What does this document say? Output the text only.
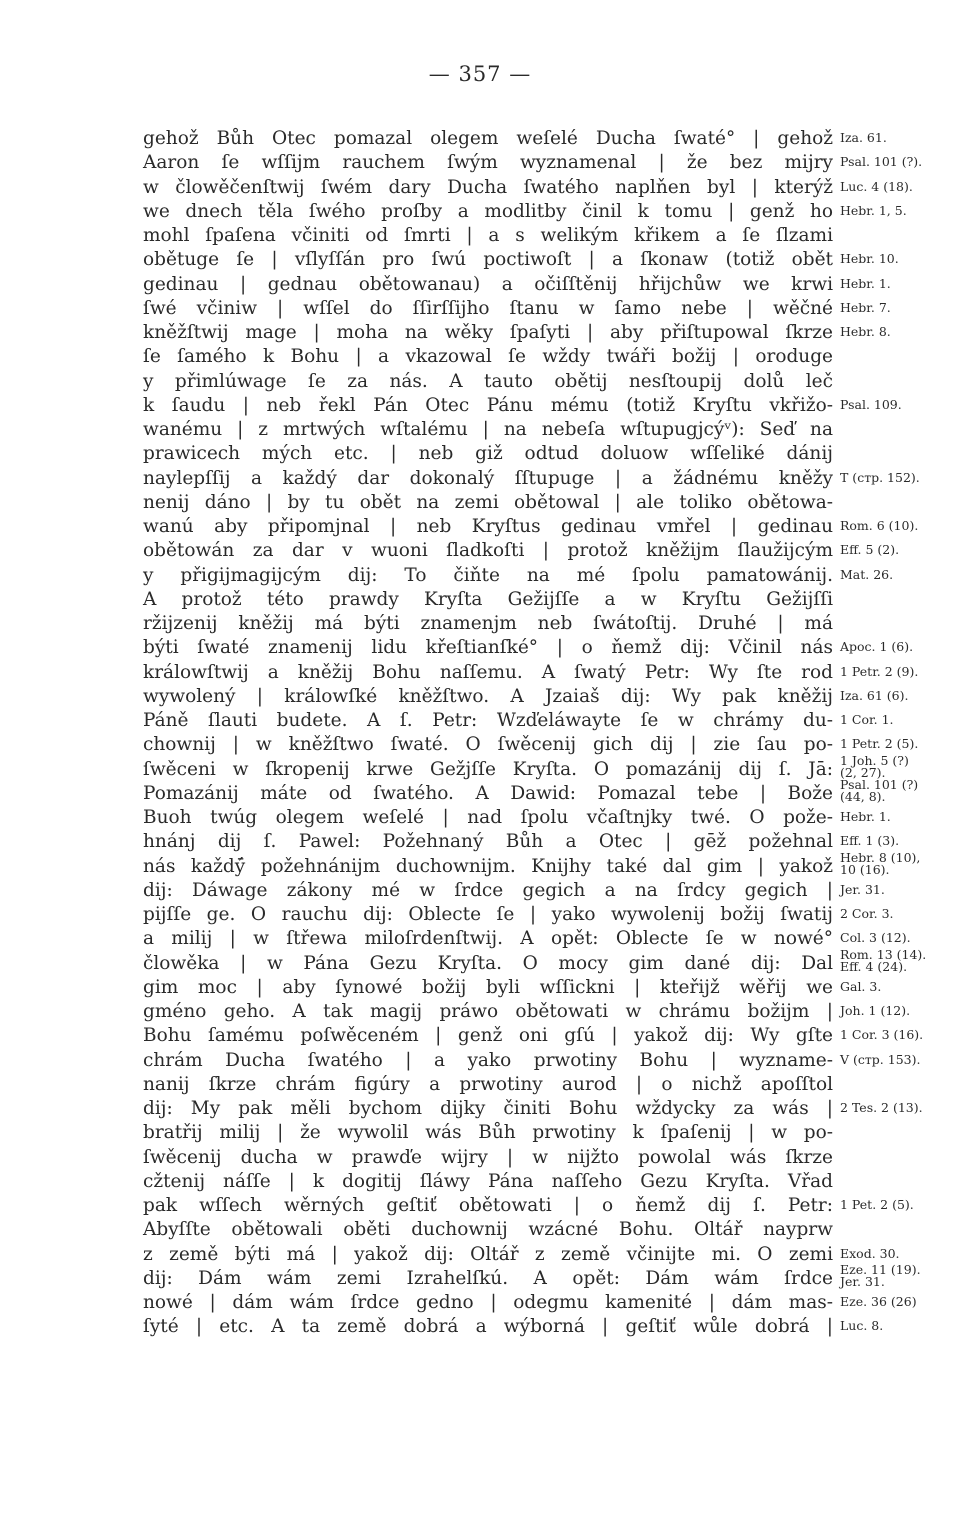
— 357 —
gehož Bůh Otec pomazal olegem weſelé Ducha ſwaté° | gehož Iza. 61.
Aaron ſe wſſijm rauchem ſwým wyznamenal | že bez mijry Psal. 101 (?).
w člowěčenſtwij ſwém dary Ducha ſwatého naplňen byl | kterýž Luc. 4 (18).
we dnech těla ſwého proſby a modlitby činil k tomu | genž ho Hebr. 1, 5.
mohl ſpaſena včiniti od ſmrti | a s welikým křikem a ſe ſlzami
obětuge ſe | vſlyſſán pro ſwú poctiwoſt | a ſkonaw (totiž obět Hebr. 10.
gedinau | gednau obětowanau) a očiſſtěnij hřijchůw we krwi Hebr. 1.
ſwé včiniw | wſſel do ſſirſſijho ſtanu w ſamo nebe | wěčné Hebr. 7.
kněžſtwij mage | moha na wěky ſpaſyti | aby přiſtupowal ſkrze Hebr. 8.
ſe ſamého k Bohu | a vkazowal ſe wždy twáři božij | oroduge
y přimlúwage ſe za nás. A tauto obětij nesſtoupij dolů leč
k ſaudu | neb řekl Pán Otec Pánu mému (totiž Kryſtu vkřižo- Psal. 109.
wanému | z mrtwých wſtalému | na nebeſa wſtupugjcýᵛ): Seď na
prawicech mých etc. | neb giž odtud doluow wſſeliké dánij
naylepſſij a každý dar dokonalý ſſtupuge | a žádnému kněžy T (стр. 152).
nenij dáno | by tu obět na zemi obětowal | ale toliko obětowa-
wanú aby připomjnal | neb Kryſtus gedinau vmřel | gedinau Rom. 6 (10).
obětowán za dar v wuoni ſladkoſti | protož kněžijm ſlaužijcým Eff. 5 (2).
y přigijmagijcým dij: To čiňte na mé ſpolu pamatowánij. Mat. 26.
A protož této prawdy Kryſta Gežijſſe a w Kryſtu Gežijſſi
ržijzenij kněžij má býti znamenjm neb ſwátoſtij. Druhé | má
býti ſwaté znamenij lidu křeſtianſké° | o ňemž dij: Včinil nás Apoc. 1 (6).
králowſtwij a kněžij Bohu naſſemu. A ſwatý Petr: Wy ſte rod 1 Petr. 2 (9).
wywolený | králowſké kněžſtwo. A Jzaiaš dij: Wy pak kněžij Iza. 61 (6).
Páně ſlauti budete. A ſ. Petr: Wzďeláwayte ſe w chrámy du- 1 Cor. 1.
chownij | w kněžſtwo ſwaté. O ſwěcenij gich dij | zie ſau po- 1 Petr. 2 (5).
ſwěceni w ſkropenij krwe Gežjſſe Kryſta. O pomazánij dij ſ. Jā: 1 Joh. 5 (?)
(2, 27).
Pomazánij máte od ſwatého. A Dawid: Pomazal tebe | Bože Psal. 101 (?)
(44, 8).
Buoh twúg olegem weſelé | nad ſpolu včaſtnjky twé. O pože- Hebr. 1.
hnánj dij ſ. Pawel: Požehnaný Bůh a Otec | gēž požehnal Eff. 1 (3).
nás každý̄ požehnánijm duchownijm. Knijhy také dal gim | yakož Hebr. 8 (10),
10 (16).
dij: Dáwage zákony mé w ſrdce gegich a na ſrdcy gegich | Jer. 31.
pijſſe ge. O rauchu dij: Oblecte ſe | yako wywolenij božij ſwatij 2 Cor. 3.
a milij | w ſtřewa miloſrdenſtwij. A opět: Oblecte ſe w nowé° Col. 3 (12).
člowěka | w Pána Gezu Kryſta. O mocy gim dané dij: Dal Rom. 13 (14).
Eff. 4 (24).
gim moc | aby ſynowé božij byli wſſickni | kteřijž wěřij we Gal. 3.
gméno geho. A tak magij práwo obětowati w chrámu božijm | Joh. 1 (12).
Bohu ſamému poſwěceném | genž oni gſú | yakož dij: Wy gſte 1 Cor. 3 (16).
chrám Ducha ſwatého | a yako prwotiny Bohu | wyzname- V (стр. 153).
nanij ſkrze chrám figúry a prwotiny aurod | o nichž apoſſtol
dij: My pak měli bychom dijky činiti Bohu wždycky za wás | 2 Tes. 2 (13).
bratřij milij | že wywolil wás Bůh prwotiny k ſpaſenij | w po-
ſwěcenij ducha w prawďe wijry | w nijžto powolal wás ſkrze
cžtenij náſſe | k dogitij ſláwy Pána naſſeho Gezu Kryſta. Vřad
pak wſſech wěrných geſtiť obětowati | o ňemž dij ſ. Petr: 1 Pet. 2 (5).
Abyſſte obětowali oběti duchownij wzácné Bohu. Oltář nayprw
z země býti má | yakož dij: Oltář z země včinijte mi. O zemi Exod. 30.
dij: Dám wám zemi Izrahelſkú. A opět: Dám wám ſrdce Eze. 11 (19).
Jer. 31.
nowé | dám wám ſrdce gedno | odegmu kamenité | dám mas- Eze. 36 (26)
ſyté | etc. A ta země dobrá a wýborná | geſtiť wůle dobrá | Luc. 8.
